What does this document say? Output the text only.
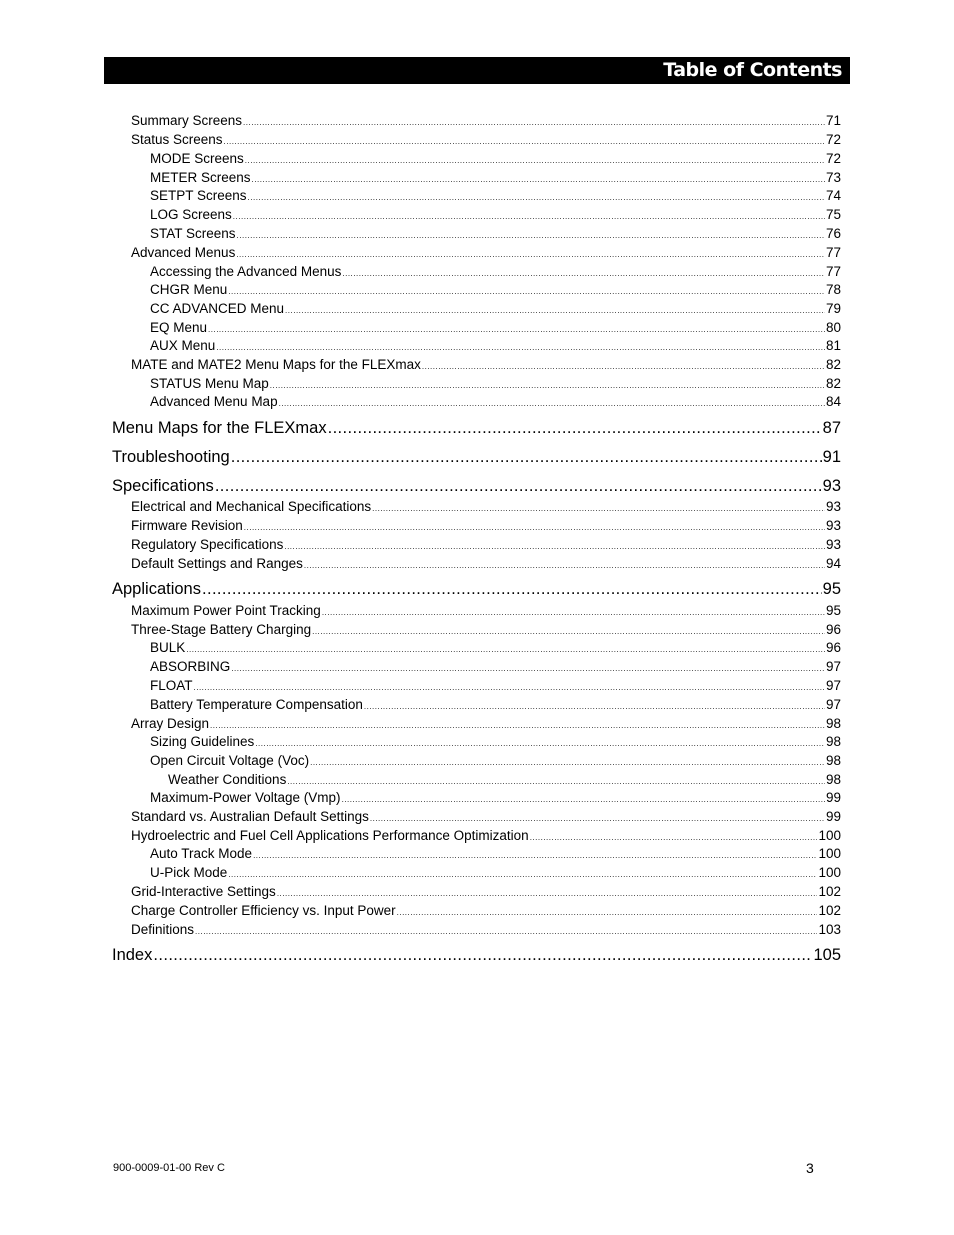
Table of Contents
Summary Screens .....	71
Status Screens .....	72
MODE Screens .....	72
METER Screens .....	73
SETPT Screens .....	74
LOG Screens .....	75
STAT Screens .....	76
Advanced Menus .....	77
Accessing the Advanced Menus .....	77
CHGR Menu .....	78
CC ADVANCED Menu .....	79
EQ Menu .....	80
AUX Menu .....	81
MATE and MATE2 Menu Maps for the FLEXmax .....	82
STATUS Menu Map .....	82
Advanced Menu Map .....	84
Menu Maps for the FLEXmax .....	87
Troubleshooting .....	91
Specifications .....	93
Electrical and Mechanical Specifications .....	93
Firmware Revision .....	93
Regulatory Specifications .....	93
Default Settings and Ranges .....	94
Applications .....	95
Maximum Power Point Tracking .....	95
Three-Stage Battery Charging .....	96
BULK .....	96
ABSORBING .....	97
FLOAT .....	97
Battery Temperature Compensation .....	97
Array Design .....	98
Sizing Guidelines .....	98
Open Circuit Voltage (Voc) .....	98
Weather Conditions .....	98
Maximum-Power Voltage (Vmp) .....	99
Standard vs. Australian Default Settings .....	99
Hydroelectric and Fuel Cell Applications Performance Optimization .....	100
Auto Track Mode .....	100
U-Pick Mode .....	100
Grid-Interactive Settings .....	102
Charge Controller Efficiency vs. Input Power .....	102
Definitions .....	103
Index .....	105
900-0009-01-00 Rev C	3
